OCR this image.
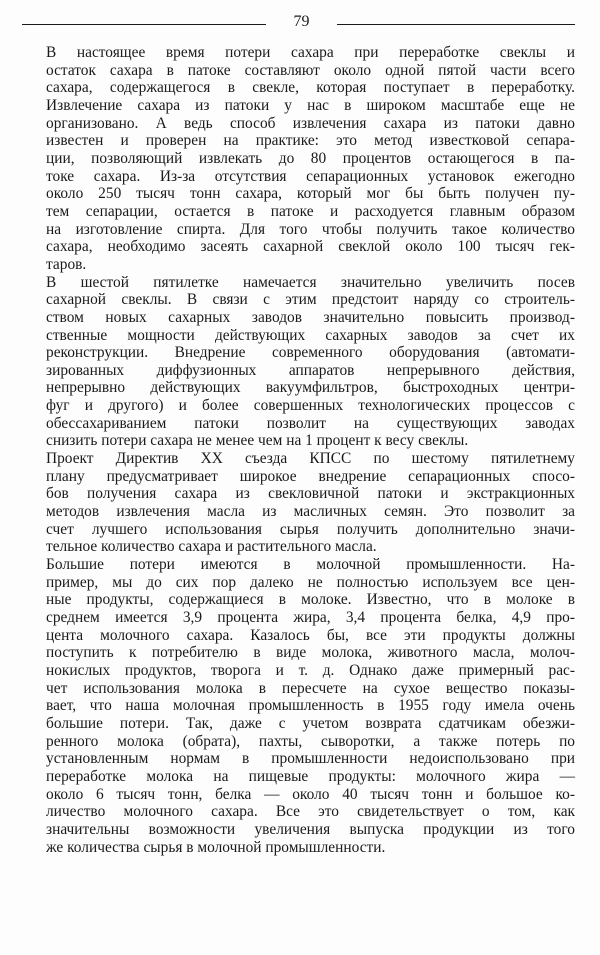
79

В настоящее время потери сахара при переработке свеклы и
остаток сахара в патоке составляют около одной пятой части всего
сахара, содержащегося в свекле, которая поступает в переработку.
Извлечение сахара из патоки у нас в широком масштабе еще не
организовано. А ведь способ извлечения сахара из патоки давно
известен и проверен на практике: это метод известковой сепара-
ции, позволяющий извлекать до 80 процентов остающегося в па-
токе сахара. Из-за отсутствия сепарационных установок ежегодно
около 250 тысяч тонн сахара, который мог бы быть получен пу-
тем сепарации, остается в патоке и расходуется главным образом
на изготовление спирта. Для того чтобы получить такое количество
сахара, необходимо засеять сахарной свеклой около 100 тысяч гек-
таров.

В шестой пятилетке намечается значительно увеличить посев
сахарной свеклы. В связи с этим предстоит наряду со строитель-
ством новых сахарных заводов значительно повысить производ-
ственные мощности действующих сахарных заводов за счет их
реконструкции. Внедрение современного оборудования (автомати-
зированных диффузионных аппаратов непрерывного действия,
непрерывно действующих вакуумфильтров, быстроходных центри-
фуг и другого) и более совершенных технологических процессов с
обессахариванием патоки позволит на существующих заводах
снизить потери сахара не менее чем на 1 процент к весу свеклы.

Проект Директив XX съезда КПСС по шестому пятилетнему
плану предусматривает широкое внедрение сепарационных спосо-
бов получения сахара из свекловичной патоки и экстракционных
методов извлечения масла из масличных семян. Это позволит за
счет лучшего использования сырья получить дополнительно значи-
тельное количество сахара и растительного масла.

Большие потери имеются в молочной промышленности. На-
пример, мы до сих пор далеко не полностью используем все цен-
ные продукты, содержащиеся в молоке. Известно, что в молоке в
среднем имеется 3,9 процента жира, 3,4 процента белка, 4,9 про-
цента молочного сахара. Казалось бы, все эти продукты должны
поступить к потребителю в виде молока, животного масла, молоч-
нокислых продуктов, творога и т. д. Однако даже примерный рас-
чет использования молока в пересчете на сухое вещество показы-
вает, что наша молочная промышленность в 1955 году имела очень
большие потери. Так, даже с учетом возврата сдатчикам обезжи-
ренного молока (обрата), пахты, сыворотки, а также потерь по
установленным нормам в промышленности недоиспользовано при
переработке молока на пищевые продукты: молочного жира —
около 6 тысяч тонн, белка — около 40 тысяч тонн и большое ко-
личество молочного сахара. Все это свидетельствует о том, как
значительны возможности увеличения выпуска продукции из того
же количества сырья в молочной промышленности.
